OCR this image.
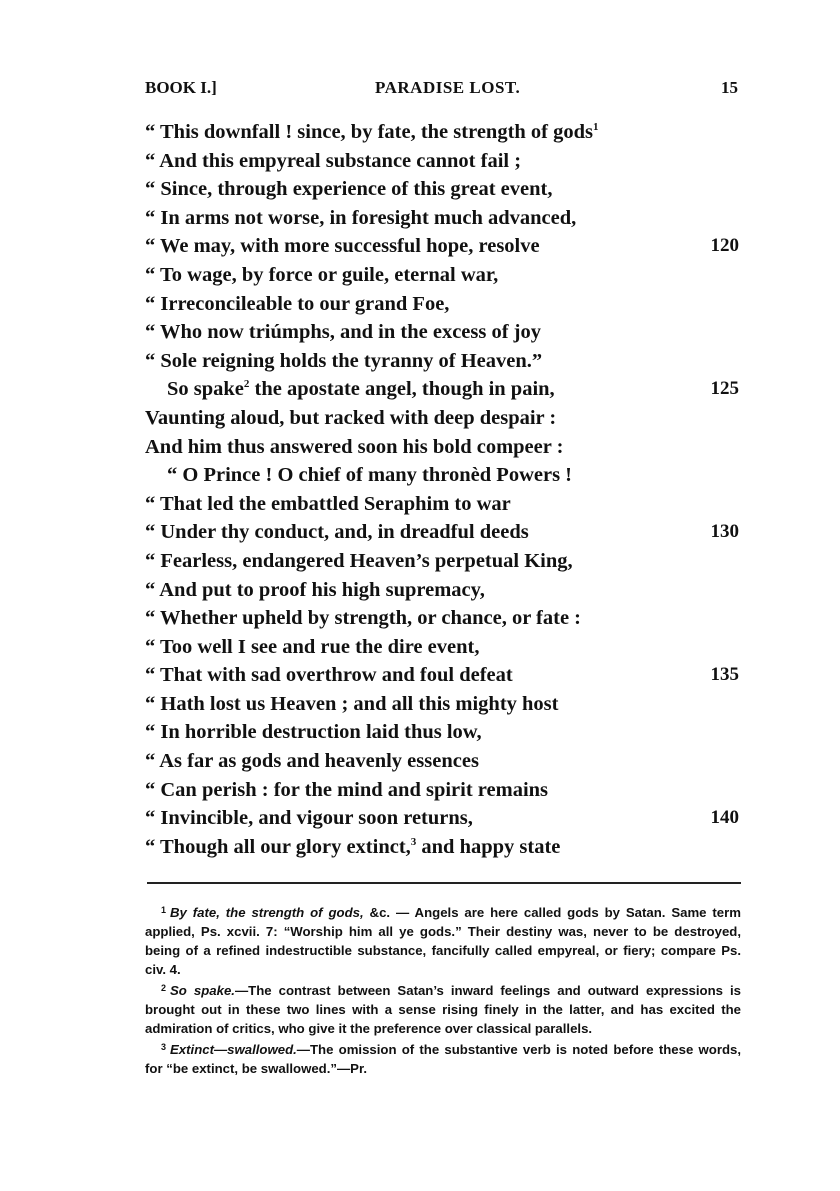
BOOK I.]	PARADISE LOST.	15
“ This downfall ! since, by fate, the strength of gods$^1$
“ And this empyreal substance cannot fail ;
“ Since, through experience of this great event,
“ In arms not worse, in foresight much advanced,
“ We may, with more successful hope, resolve	120
“ To wage, by force or guile, eternal war,
“ Irreconcileable to our grand Foe,
“ Who now triúmphs, and in the excess of joy
“ Sole reigning holds the tyranny of Heaven.”
So spake$^2$ the apostate angel, though in pain,	125
Vaunting aloud, but racked with deep despair :
And him thus answered soon his bold compeer :
“ O Prince ! O chief of many thronèd Powers !
“ That led the embattled Seraphim to war
“ Under thy conduct, and, in dreadful deeds	130
“ Fearless, endangered Heaven’s perpetual King,
“ And put to proof his high supremacy,
“ Whether upheld by strength, or chance, or fate :
“ Too well I see and rue the dire event,
“ That with sad overthrow and foul defeat	135
“ Hath lost us Heaven ; and all this mighty host
“ In horrible destruction laid thus low,
“ As far as gods and heavenly essences
“ Can perish : for the mind and spirit remains
“ Invincible, and vigour soon returns,	140
“ Though all our glory extinct,$^3$ and happy state
$^1$ By fate, the strength of gods, &c. — Angels are here called gods by Satan. Same term applied, Ps. xcvii. 7: “Worship him all ye gods.” Their destiny was, never to be destroyed, being of a refined indestructible substance, fancifully called empyreal, or fiery; compare Ps. civ. 4.
$^2$ So spake.—The contrast between Satan’s inward feelings and outward expressions is brought out in these two lines with a sense rising finely in the latter, and has excited the admiration of critics, who give it the preference over classical parallels.
$^3$ Extinct—swallowed.—The omission of the substantive verb is noted before these words, for “be extinct, be swallowed.”—Pr.
